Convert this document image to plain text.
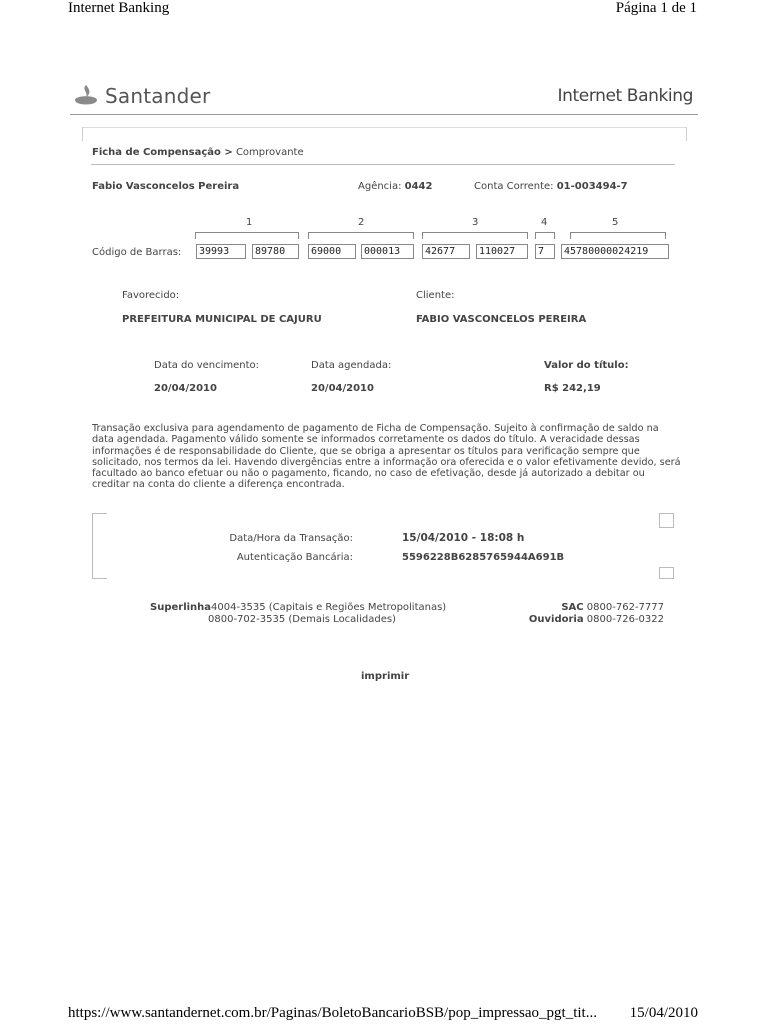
Internet Banking	Página 1 de 1
https://www.santandernet.com.br/Paginas/BoletoBancarioBSB/pop_impressao_pgt_tit... 15/04/2010
Santander	Internet Banking
Ficha de Compensação > Comprovante
Fabio Vasconcelos Pereira	Agência: 0442	Conta Corrente: 01-003494-7
1	2	3	4	5
Código de Barras:	39993	89780	69000	000013	42677	110027	7	45780000024219
Favorecido:	Cliente:
PREFEITURA MUNICIPAL DE CAJURU	FABIO VASCONCELOS PEREIRA
Data do vencimento:	Data agendada:	Valor do título:
20/04/2010	20/04/2010	R$ 242,19
Transação exclusiva para agendamento de pagamento de Ficha de Compensação. Sujeito à confirmação de saldo na data agendada. Pagamento válido somente se informados corretamente os dados do título. A veracidade dessas informações é de responsabilidade do Cliente, que se obriga a apresentar os títulos para verificação sempre que solicitado, nos termos da lei. Havendo divergências entre a informação ora oferecida e o valor efetivamente devido, será facultado ao banco efetuar ou não o pagamento, ficando, no caso de efetivação, desde já autorizado a debitar ou creditar na conta do cliente a diferença encontrada.
Data/Hora da Transação:	15/04/2010 - 18:08 h
Autenticação Bancária:	5596228B6285765944A691B
Superlinha4004-3535 (Capitais e Regiões Metropolitanas)
0800-702-3535 (Demais Localidades)
SAC 0800-762-7777
Ouvidoria 0800-726-0322
imprimir
